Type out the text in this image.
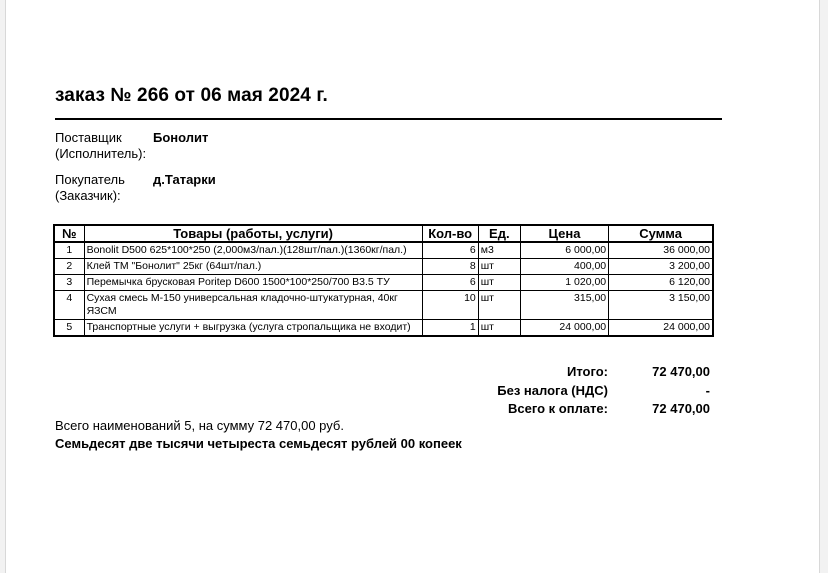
заказ № 266 от 06 мая 2024 г.
Поставщик
(Исполнитель):
Бонолит
Покупатель
(Заказчик):
д.Татарки
№	Товары (работы, услуги)	Кол-во	Ед.	Цена	Сумма
1	Bonolit D500 625*100*250 (2,000м3/пал.)(128шт/пал.)(1360кг/пал.)	6	м3	6 000,00	36 000,00
2	Клей ТМ "Бонолит" 25кг (64шт/пал.)	8	шт	400,00	3 200,00
3	Перемычка брусковая Poritep D600 1500*100*250/700 В3.5 ТУ	6	шт	1 020,00	6 120,00
4	Сухая смесь М-150 универсальная кладочно-штукатурная, 40кг ЯЗСМ	10	шт	315,00	3 150,00
5	Транспортные услуги + выгрузка (услуга стропальщика не входит)	1	шт	24 000,00	24 000,00
Итого:	72 470,00
Без налога (НДС)	-
Всего к оплате:	72 470,00
Всего наименований 5, на сумму 72 470,00 руб.
Семьдесят две тысячи четыреста семьдесят рублей 00 копеек
